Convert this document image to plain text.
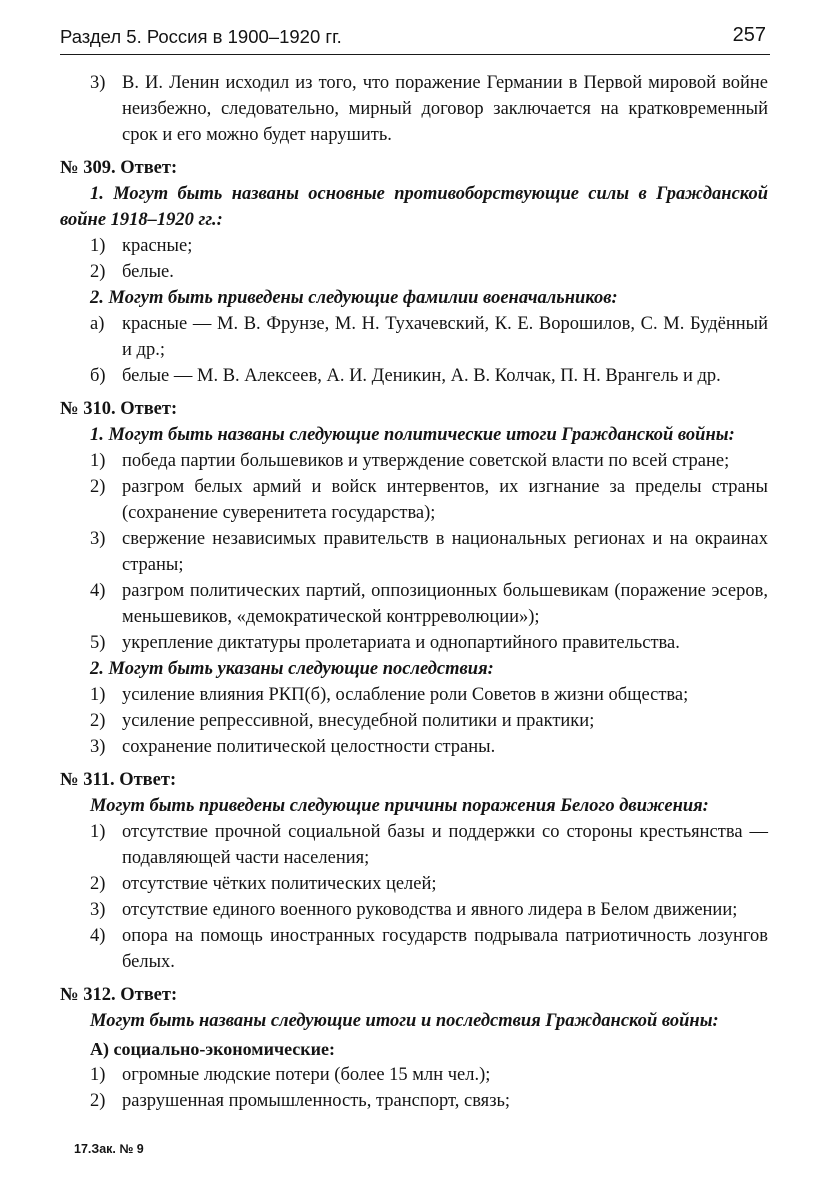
Раздел 5. Россия в 1900–1920 гг.	257
3) В. И. Ленин исходил из того, что поражение Германии в Первой мировой войне неизбежно, следовательно, мирный договор заключается на кратковременный срок и его можно будет нарушить.
№ 309. Ответ:
1. Могут быть названы основные противоборствующие силы в Гражданской войне 1918–1920 гг.:
1) красные;
2) белые.
2. Могут быть приведены следующие фамилии военачальников:
а) красные — М. В. Фрунзе, М. Н. Тухачевский, К. Е. Ворошилов, С. М. Будённый и др.;
б) белые — М. В. Алексеев, А. И. Деникин, А. В. Колчак, П. Н. Врангель и др.
№ 310. Ответ:
1. Могут быть названы следующие политические итоги Гражданской войны:
1) победа партии большевиков и утверждение советской власти по всей стране;
2) разгром белых армий и войск интервентов, их изгнание за пределы страны (сохранение суверенитета государства);
3) свержение независимых правительств в национальных регионах и на окраинах страны;
4) разгром политических партий, оппозиционных большевикам (поражение эсеров, меньшевиков, «демократической контрреволюции»);
5) укрепление диктатуры пролетариата и однопартийного правительства.
2. Могут быть указаны следующие последствия:
1) усиление влияния РКП(б), ослабление роли Советов в жизни общества;
2) усиление репрессивной, внесудебной политики и практики;
3) сохранение политической целостности страны.
№ 311. Ответ:
Могут быть приведены следующие причины поражения Белого движения:
1) отсутствие прочной социальной базы и поддержки со стороны крестьянства — подавляющей части населения;
2) отсутствие чётких политических целей;
3) отсутствие единого военного руководства и явного лидера в Белом движении;
4) опора на помощь иностранных государств подрывала патриотичность лозунгов белых.
№ 312. Ответ:
Могут быть названы следующие итоги и последствия Гражданской войны:
А) социально-экономические:
1) огромные людские потери (более 15 млн чел.);
2) разрушенная промышленность, транспорт, связь;
17.Зак. № 9
